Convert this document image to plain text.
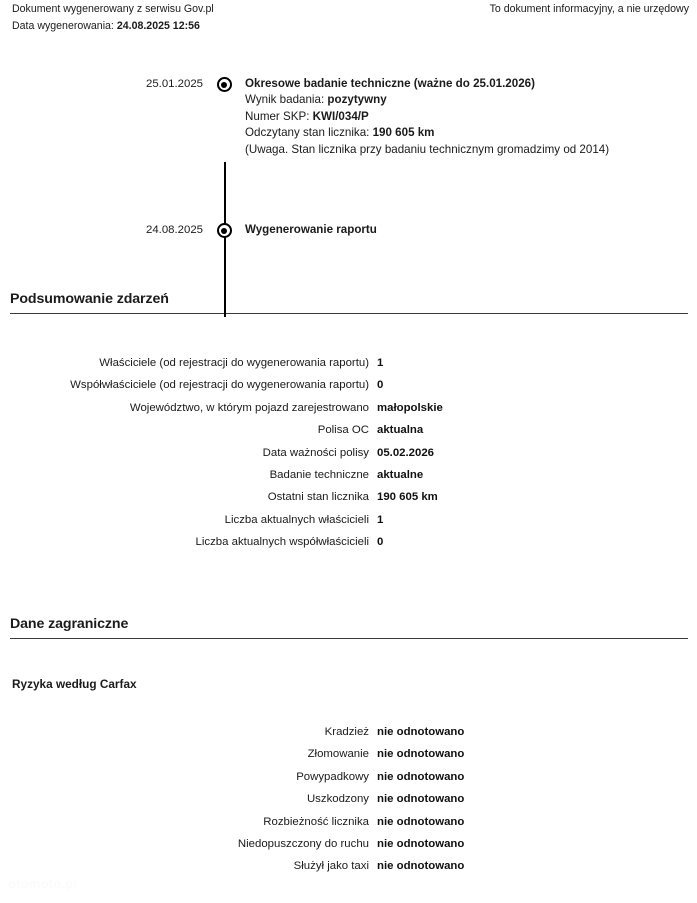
Dokument wygenerowany z serwisu Gov.pl	To dokument informacyjny, a nie urzędowy
Data wygenerowania: 24.08.2025 12:56
25.01.2025	Okresowe badanie techniczne (ważne do 25.01.2026)
Wynik badania: pozytywny
Numer SKP: KWI/034/P
Odczytany stan licznika: 190 605 km
(Uwaga. Stan licznika przy badaniu technicznym gromadzimy od 2014)
24.08.2025	Wygenerowanie raportu
Podsumowanie zdarzeń
Właściciele (od rejestracji do wygenerowania raportu) 1
Współwłaściciele (od rejestracji do wygenerowania raportu) 0
Województwo, w którym pojazd zarejestrowano małopolskie
Polisa OC aktualna
Data ważności polisy 05.02.2026
Badanie techniczne aktualne
Ostatni stan licznika 190 605 km
Liczba aktualnych właścicieli 1
Liczba aktualnych współwłaścicieli 0
Dane zagraniczne
Ryzyka według Carfax
Kradzież nie odnotowano
Złomowanie nie odnotowano
Powypadkowy nie odnotowano
Uszkodzony nie odnotowano
Rozbieżność licznika nie odnotowano
Niedopuszczony do ruchu nie odnotowano
Służył jako taxi nie odnotowano
otomoto.pl
